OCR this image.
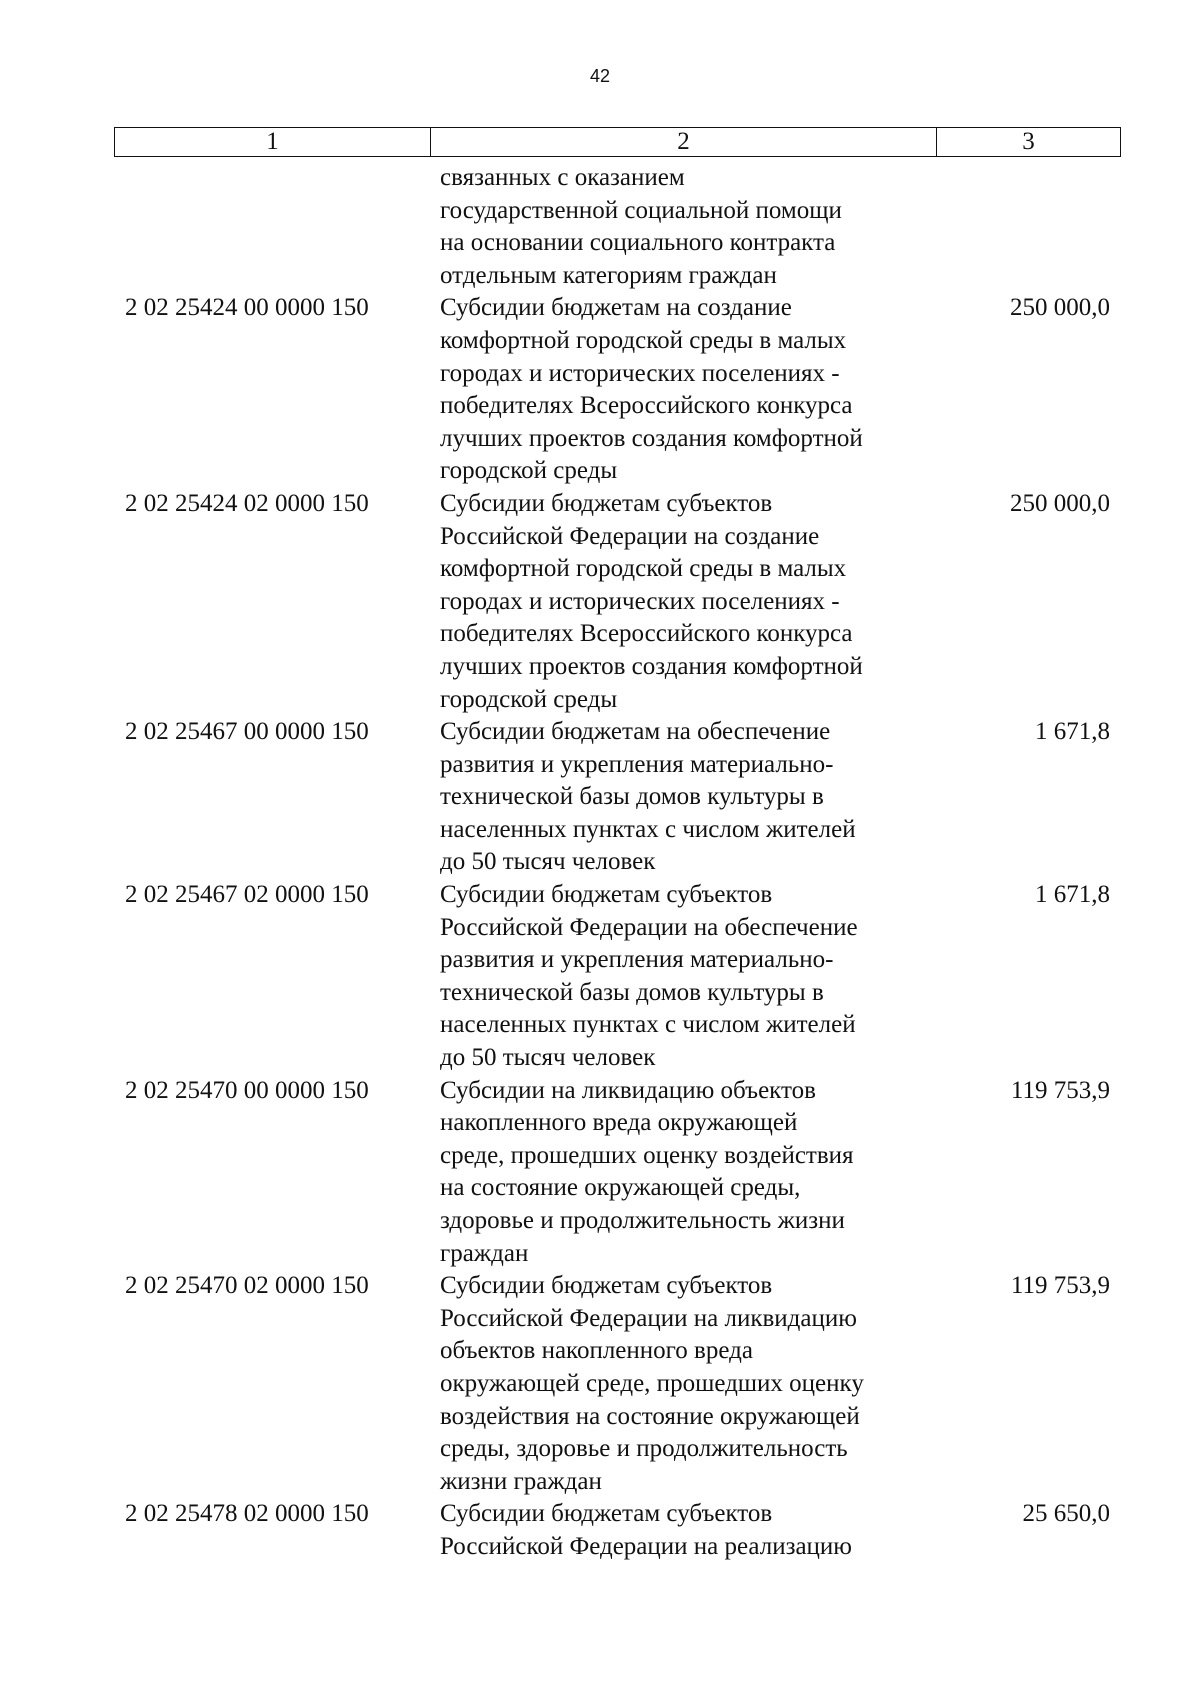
42
1	2	3
связанных с оказанием
государственной социальной помощи
на основании социального контракта
отдельным категориям граждан
2 02 25424 00 0000 150	Субсидии бюджетам на создание
комфортной городской среды в малых
городах и исторических поселениях -
победителях Всероссийского конкурса
лучших проектов создания комфортной
городской среды
250 000,0
2 02 25424 02 0000 150	Субсидии бюджетам субъектов
Российской Федерации на создание
комфортной городской среды в малых
городах и исторических поселениях -
победителях Всероссийского конкурса
лучших проектов создания комфортной
городской среды
250 000,0
2 02 25467 00 0000 150	Субсидии бюджетам на обеспечение
развития и укрепления материально-
технической базы домов культуры в
населенных пунктах с числом жителей
до 50 тысяч человек
1 671,8
2 02 25467 02 0000 150	Субсидии бюджетам субъектов
Российской Федерации на обеспечение
развития и укрепления материально-
технической базы домов культуры в
населенных пунктах с числом жителей
до 50 тысяч человек
1 671,8
2 02 25470 00 0000 150	Субсидии на ликвидацию объектов
накопленного вреда окружающей
среде, прошедших оценку воздействия
на состояние окружающей среды,
здоровье и продолжительность жизни
граждан
119 753,9
2 02 25470 02 0000 150	Субсидии бюджетам субъектов
Российской Федерации на ликвидацию
объектов накопленного вреда
окружающей среде, прошедших оценку
воздействия на состояние окружающей
среды, здоровье и продолжительность
жизни граждан
119 753,9
2 02 25478 02 0000 150	Субсидии бюджетам субъектов
Российской Федерации на реализацию
25 650,0
